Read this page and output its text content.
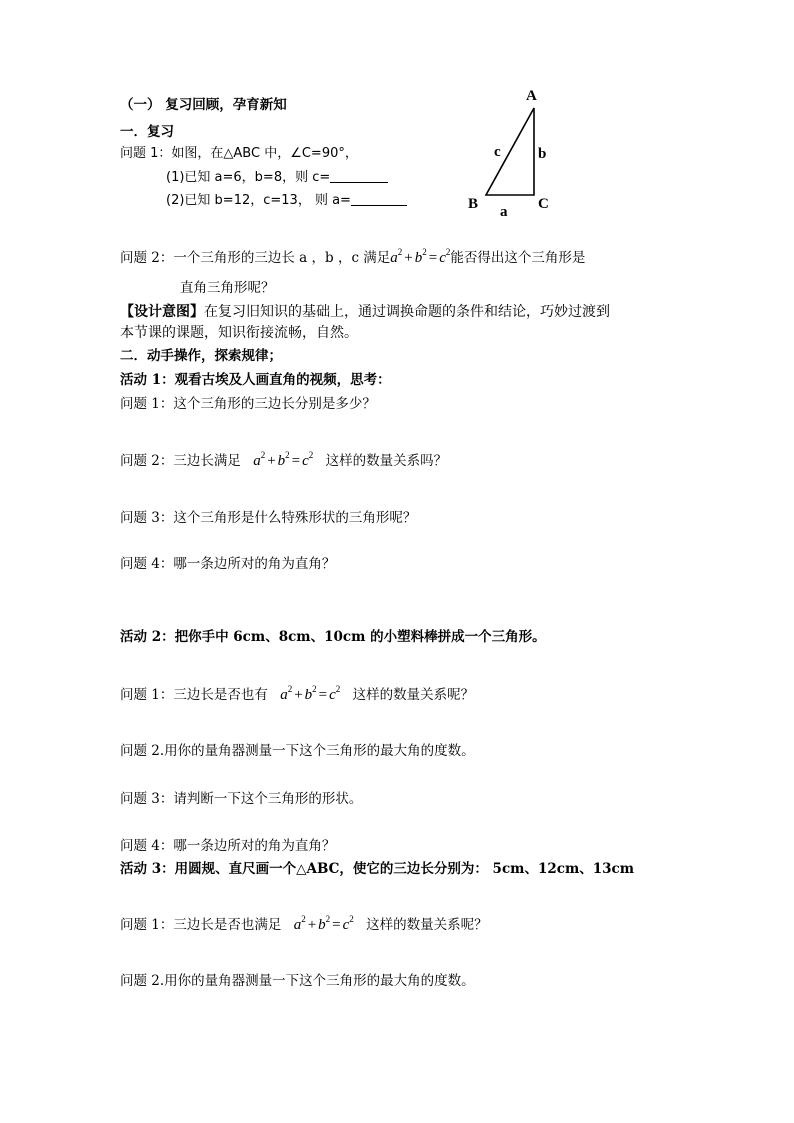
（一） 复习回顾，孕育新知
一．复习
问题 1：如图，在△ABC 中，∠C=90°，
(1)已知 a=6，b=8，则 c=
(2)已知 b=12，c=13， 则 a=
A
b
c
B a C
问题 2：一个三角形的三边长 a ，b ，c 满足$a^2 + b^2 = c^2$能否得出这个三角形是
直角三角形呢？
【设计意图】在复习旧知识的基础上，通过调换命题的条件和结论，巧妙过渡到
本节课的课题，知识衔接流畅，自然。
二．动手操作，探索规律；
活动 1：观看古埃及人画直角的视频，思考：
问题 1：这个三角形的三边长分别是多少？
问题 2：三边长满足 $a^2 + b^2 = c^2$ 这样的数量关系吗？
问题 3：这个三角形是什么特殊形状的三角形呢？
问题 4：哪一条边所对的角为直角？
活动 2：把你手中 6cm、8cm、10cm 的小塑料棒拼成一个三角形。
问题 1：三边长是否也有 $a^2 + b^2 = c^2$ 这样的数量关系呢？
问题 2.用你的量角器测量一下这个三角形的最大角的度数。
问题 3：请判断一下这个三角形的形状。
问题 4：哪一条边所对的角为直角？
活动 3：用圆规、直尺画一个△ABC，使它的三边长分别为： 5cm、12cm、13cm
问题 1：三边长是否也满足 $a^2 + b^2 = c^2$ 这样的数量关系呢？
问题 2.用你的量角器测量一下这个三角形的最大角的度数。
